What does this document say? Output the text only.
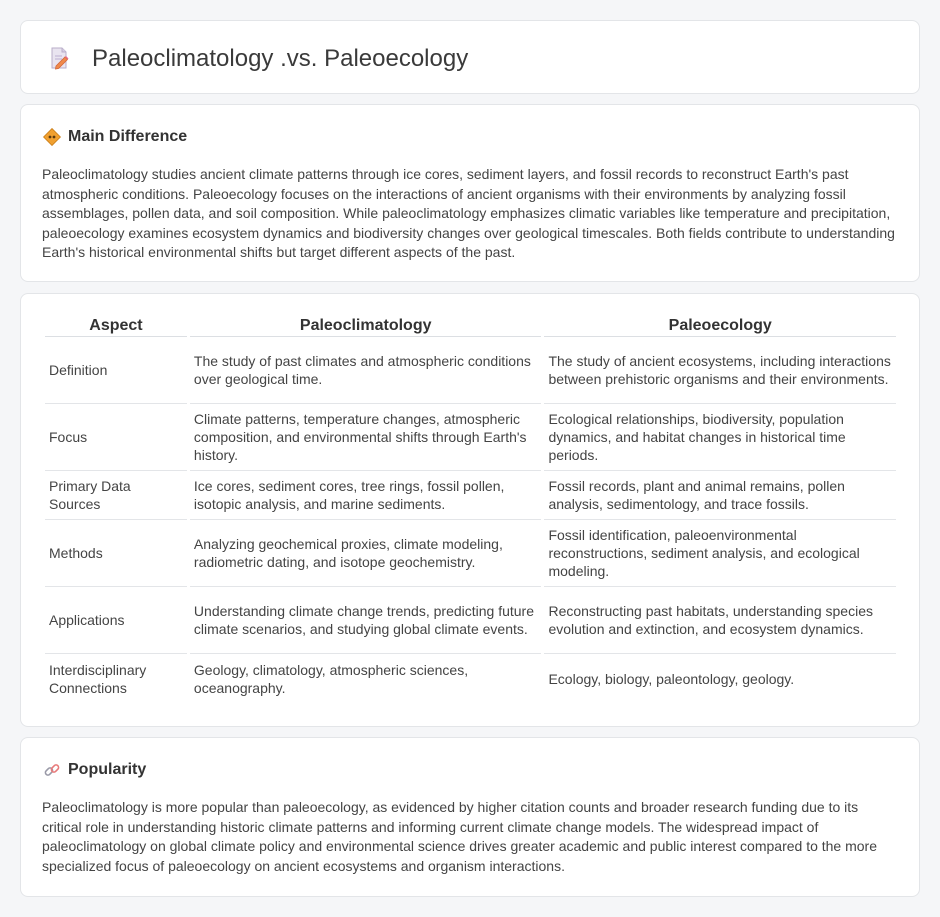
Paleoclimatology .vs. Paleoecology
Main Difference

Paleoclimatology studies ancient climate patterns through ice cores, sediment layers, and fossil records to reconstruct Earth's past atmospheric conditions. Paleoecology focuses on the interactions of ancient organisms with their environments by analyzing fossil assemblages, pollen data, and soil composition. While paleoclimatology emphasizes climatic variables like temperature and precipitation, paleoecology examines ecosystem dynamics and biodiversity changes over geological timescales. Both fields contribute to understanding Earth's historical environmental shifts but target different aspects of the past.

Aspect	Paleoclimatology	Paleoecology
Definition	The study of past climates and atmospheric conditions over geological time.	The study of ancient ecosystems, including interactions between prehistoric organisms and their environments.
Focus	Climate patterns, temperature changes, atmospheric composition, and environmental shifts through Earth's history.	Ecological relationships, biodiversity, population dynamics, and habitat changes in historical time periods.
Primary Data Sources	Ice cores, sediment cores, tree rings, fossil pollen, isotopic analysis, and marine sediments.	Fossil records, plant and animal remains, pollen analysis, sedimentology, and trace fossils.
Methods	Analyzing geochemical proxies, climate modeling, radiometric dating, and isotope geochemistry.	Fossil identification, paleoenvironmental reconstructions, sediment analysis, and ecological modeling.
Applications	Understanding climate change trends, predicting future climate scenarios, and studying global climate events.	Reconstructing past habitats, understanding species evolution and extinction, and ecosystem dynamics.
Interdisciplinary Connections	Geology, climatology, atmospheric sciences, oceanography.	Ecology, biology, paleontology, geology.
Popularity

Paleoclimatology is more popular than paleoecology, as evidenced by higher citation counts and broader research funding due to its critical role in understanding historic climate patterns and informing current climate change models. The widespread impact of paleoclimatology on global climate policy and environmental science drives greater academic and public interest compared to the more specialized focus of paleoecology on ancient ecosystems and organism interactions.
